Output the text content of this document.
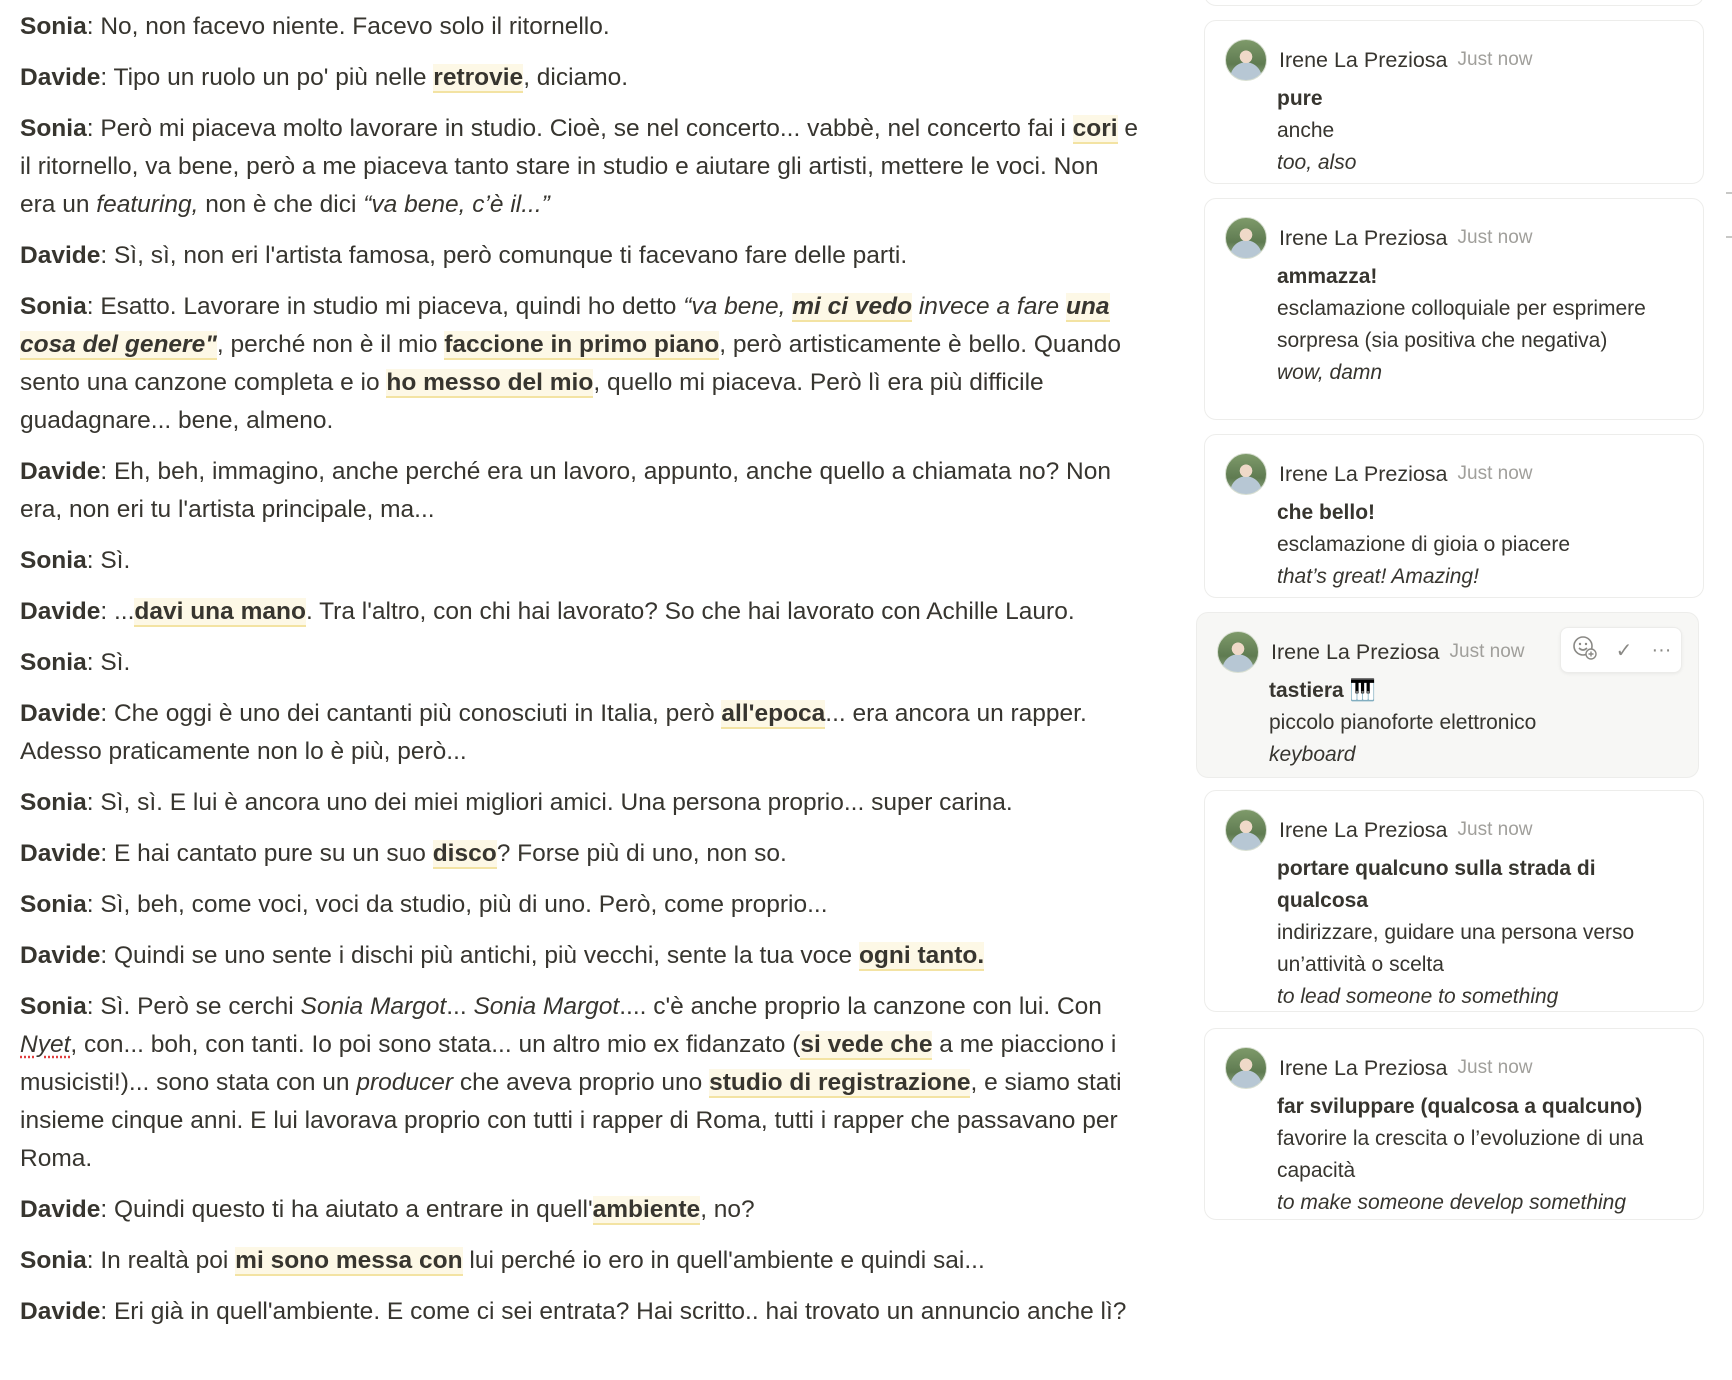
Sonia: No, non facevo niente. Facevo solo il ritornello.

Davide: Tipo un ruolo un po' più nelle retrovie, diciamo.

Sonia: Però mi piaceva molto lavorare in studio. Cioè, se nel concerto... vabbè, nel concerto fai i cori e il ritornello, va bene, però a me piaceva tanto stare in studio e aiutare gli artisti, mettere le voci. Non era un featuring, non è che dici “va bene, c’è il...”

Davide: Sì, sì, non eri l'artista famosa, però comunque ti facevano fare delle parti.

Sonia: Esatto. Lavorare in studio mi piaceva, quindi ho detto “va bene, mi ci vedo invece a fare una cosa del genere", perché non è il mio faccione in primo piano, però artisticamente è bello. Quando sento una canzone completa e io ho messo del mio, quello mi piaceva. Però lì era più difficile guadagnare... bene, almeno.

Davide: Eh, beh, immagino, anche perché era un lavoro, appunto, anche quello a chiamata no? Non era, non eri tu l'artista principale, ma...

Sonia: Sì.

Davide: ...davi una mano. Tra l'altro, con chi hai lavorato? So che hai lavorato con Achille Lauro.

Sonia: Sì.

Davide: Che oggi è uno dei cantanti più conosciuti in Italia, però all'epoca... era ancora un rapper. Adesso praticamente non lo è più, però...

Sonia: Sì, sì. E lui è ancora uno dei miei migliori amici. Una persona proprio... super carina.

Davide: E hai cantato pure su un suo disco? Forse più di uno, non so.

Sonia: Sì, beh, come voci, voci da studio, più di uno. Però, come proprio...

Davide: Quindi se uno sente i dischi più antichi, più vecchi, sente la tua voce ogni tanto.

Sonia: Sì. Però se cerchi Sonia Margot... Sonia Margot.... c'è anche proprio la canzone con lui. Con Nyet, con... boh, con tanti. Io poi sono stata... un altro mio ex fidanzato (si vede che a me piacciono i musicisti!)... sono stata con un producer che aveva proprio uno studio di registrazione, e siamo stati insieme cinque anni. E lui lavorava proprio con tutti i rapper di Roma, tutti i rapper che passavano per Roma.

Davide: Quindi questo ti ha aiutato a entrare in quell'ambiente, no?

Sonia: In realtà poi mi sono messa con lui perché io ero in quell'ambiente e quindi sai...

Davide: Eri già in quell'ambiente. E come ci sei entrata? Hai scritto.. hai trovato un annuncio anche lì?

Irene La Preziosa Just now
pure
anche
too, also
Irene La Preziosa Just now
ammazza!
esclamazione colloquiale per esprimere sorpresa (sia positiva che negativa)
wow, damn
Irene La Preziosa Just now
che bello!
esclamazione di gioia o piacere
that’s great! Amazing!
Irene La Preziosa Just now
tastiera 🎹
piccolo pianoforte elettronico
keyboard
✓ ···
Irene La Preziosa Just now
portare qualcuno sulla strada di qualcosa
indirizzare, guidare una persona verso un’attività o scelta
to lead someone to something
Irene La Preziosa Just now
far sviluppare (qualcosa a qualcuno)
favorire la crescita o l’evoluzione di una capacità
to make someone develop something
